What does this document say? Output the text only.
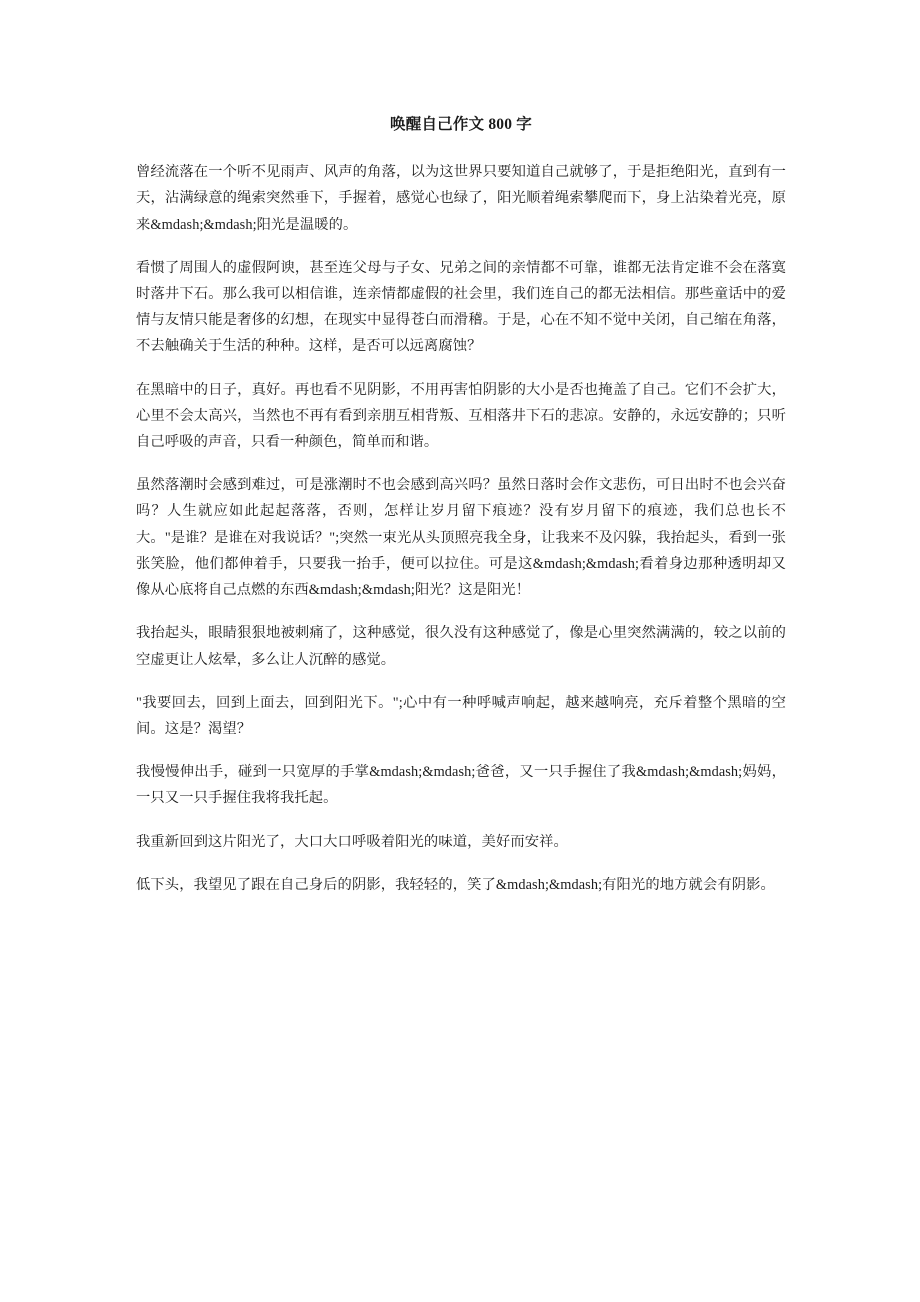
唤醒自己作文 800 字

曾经流落在一个听不见雨声、风声的角落，以为这世界只要知道自己就够了，于是拒绝阳光，直到有一天，沾满绿意的绳索突然垂下，手握着，感觉心也绿了，阳光顺着绳索攀爬而下，身上沾染着光亮，原来&mdash;&mdash;阳光是温暖的。

看惯了周围人的虚假阿谀，甚至连父母与子女、兄弟之间的亲情都不可靠，谁都无法肯定谁不会在落寞时落井下石。那么我可以相信谁，连亲情都虚假的社会里，我们连自己的都无法相信。那些童话中的爱情与友情只能是奢侈的幻想，在现实中显得苍白而滑稽。于是，心在不知不觉中关闭，自己缩在角落，不去触确关于生活的种种。这样，是否可以远离腐蚀？

在黑暗中的日子，真好。再也看不见阴影，不用再害怕阴影的大小是否也掩盖了自己。它们不会扩大，心里不会太高兴，当然也不再有看到亲朋互相背叛、互相落井下石的悲凉。安静的，永远安静的；只听自己呼吸的声音，只看一种颜色，简单而和谐。

虽然落潮时会感到难过，可是涨潮时不也会感到高兴吗？虽然日落时会作文悲伤，可日出时不也会兴奋吗？人生就应如此起起落落，否则，怎样让岁月留下痕迹？没有岁月留下的痕迹，我们总也长不大。"是谁？是谁在对我说话？";突然一束光从头顶照亮我全身，让我来不及闪躲，我抬起头，看到一张张笑脸，他们都伸着手，只要我一抬手，便可以拉住。可是这&mdash;&mdash;看着身边那种透明却又像从心底将自己点燃的东西&mdash;&mdash;阳光？这是阳光！

我抬起头，眼睛狠狠地被刺痛了，这种感觉，很久没有这种感觉了，像是心里突然满满的，较之以前的空虚更让人炫晕，多么让人沉醉的感觉。

"我要回去，回到上面去，回到阳光下。";心中有一种呼喊声响起，越来越响亮，充斥着整个黑暗的空间。这是？渴望？

我慢慢伸出手，碰到一只宽厚的手掌&mdash;&mdash;爸爸，又一只手握住了我&mdash;&mdash;妈妈，一只又一只手握住我将我托起。

我重新回到这片阳光了，大口大口呼吸着阳光的味道，美好而安祥。

低下头，我望见了跟在自己身后的阴影，我轻轻的，笑了&mdash;&mdash;有阳光的地方就会有阴影。
